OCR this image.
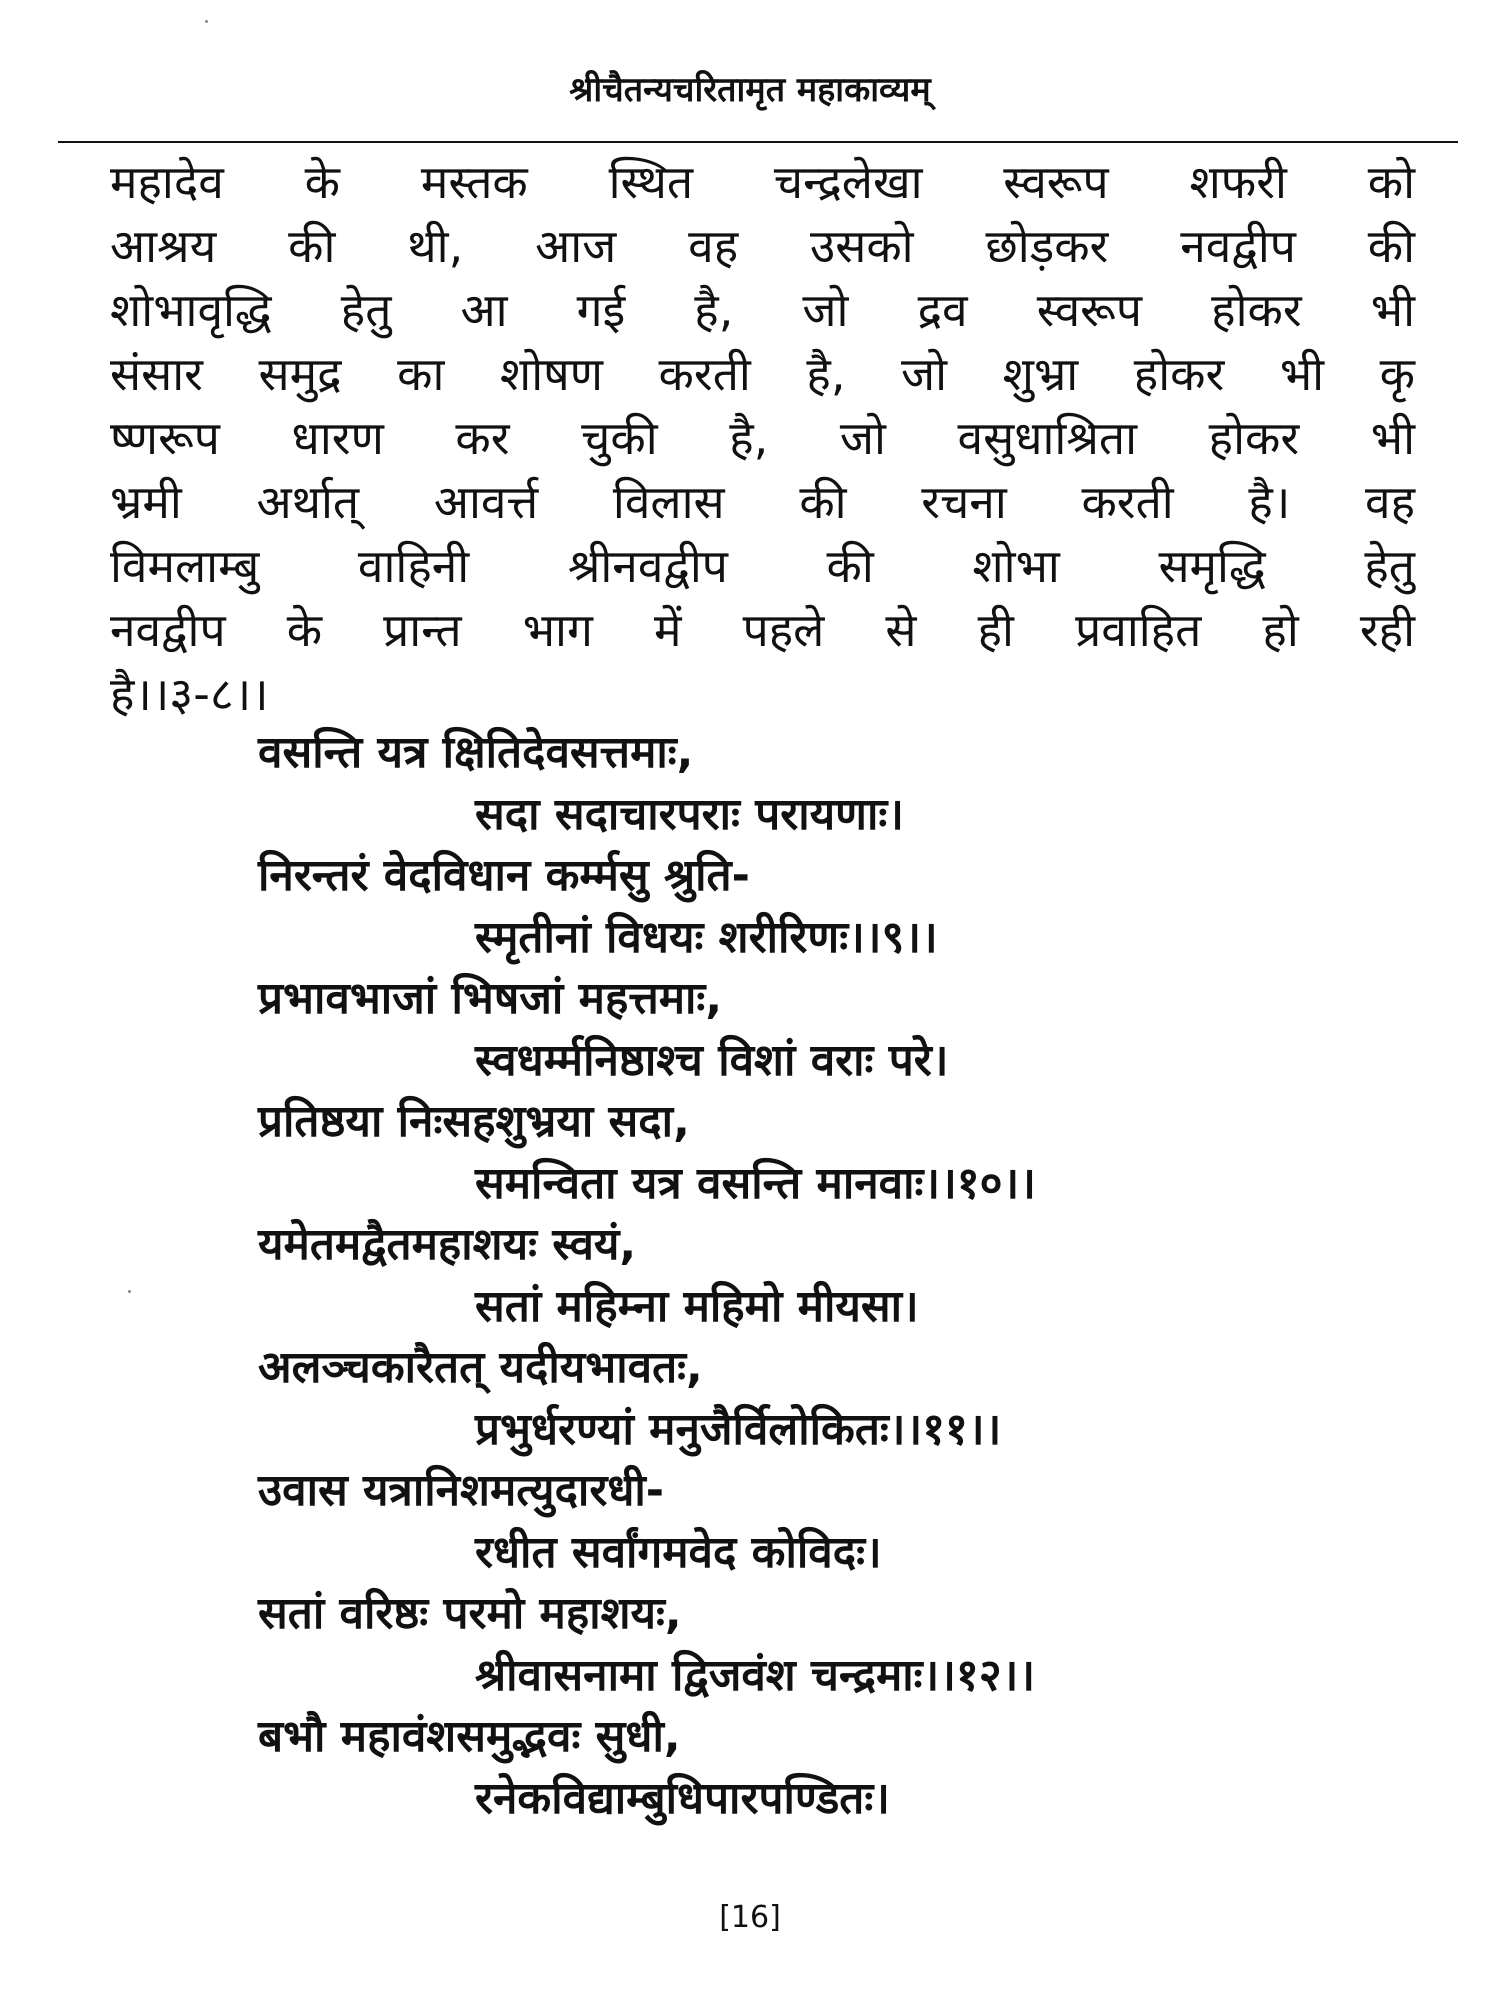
श्रीचैतन्यचरितामृत महाकाव्यम्
महादेव के मस्तक स्थित चन्द्रलेखा स्वरूप शफरी को
आश्रय की थी, आज वह उसको छोड़कर नवद्वीप की
शोभावृद्धि हेतु आ गई है, जो द्रव स्वरूप होकर भी
संसार समुद्र का शोषण करती है, जो शुभ्रा होकर भी कृ
ष्णरूप धारण कर चुकी है, जो वसुधाश्रिता होकर भी
भ्रमी अर्थात् आवर्त्त विलास की रचना करती है। वह
विमलाम्बु वाहिनी श्रीनवद्वीप की शोभा समृद्धि हेतु
नवद्वीप के प्रान्त भाग में पहले से ही प्रवाहित हो रही
है।।३-८।।
वसन्ति यत्र क्षितिदेवसत्तमाः,
सदा सदाचारपराः परायणाः।
निरन्तरं वेदविधान कर्म्मसु श्रुति-
स्मृतीनां विधयः शरीरिणः।।९।।
प्रभावभाजां भिषजां महत्तमाः,
स्वधर्म्मनिष्ठाश्च विशां वराः परे।
प्रतिष्ठया निःसहशुभ्रया सदा,
समन्विता यत्र वसन्ति मानवाः।।१०।।
यमेतमद्वैतमहाशयः स्वयं,
सतां महिम्ना महिमो मीयसा।
अलञ्चकारैतत् यदीयभावतः,
प्रभुर्धरण्यां मनुजैर्विलोकितः।।११।।
उवास यत्रानिशमत्युदारधी-
रधीत सर्वांगमवेद कोविदः।
सतां वरिष्ठः परमो महाशयः,
श्रीवासनामा द्विजवंश चन्द्रमाः।।१२।।
बभौ महावंशसमुद्भवः सुधी,
रनेकविद्याम्बुधिपारपण्डितः।
[16]
